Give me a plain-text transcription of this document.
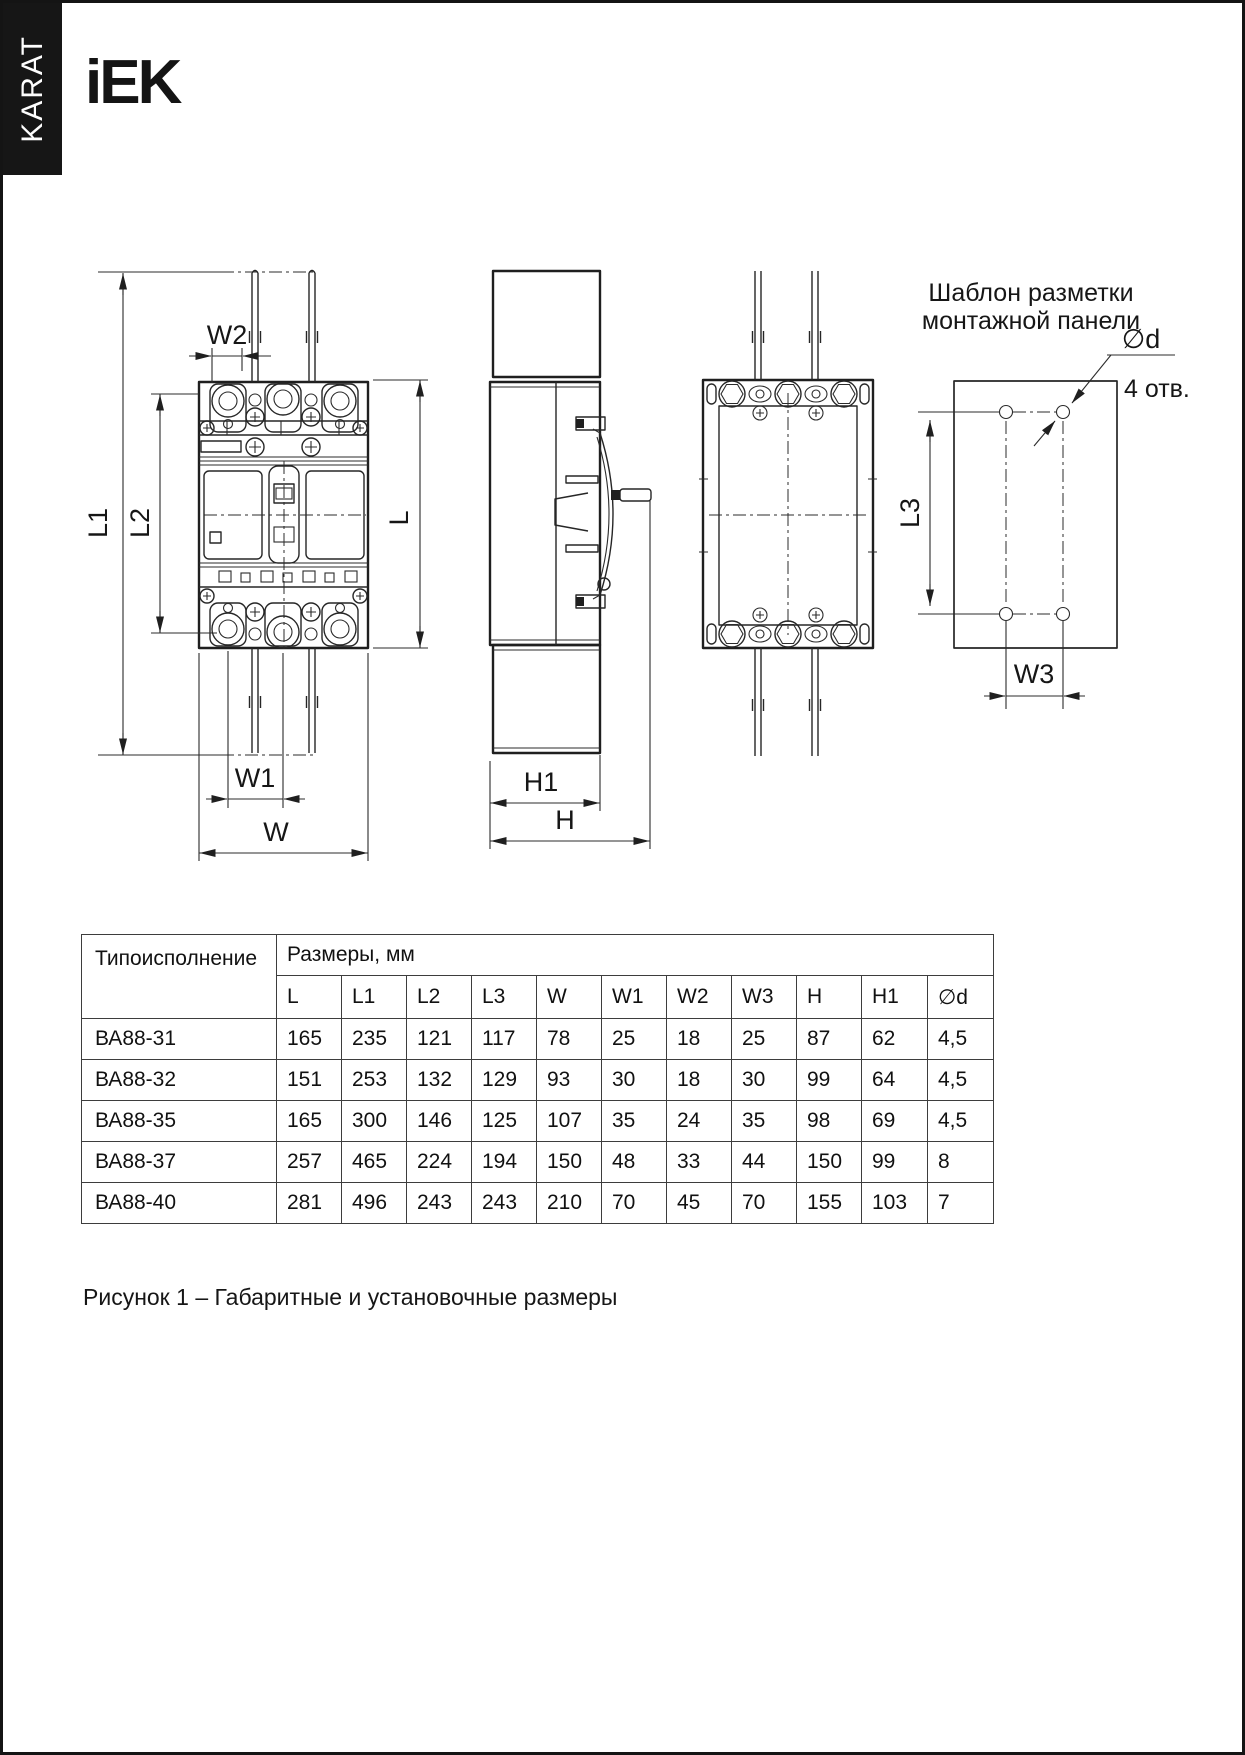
KARAT iEK
L1 L2
W2
L
W1
W
H1
H
Шаблон разметки
монтажной панели
L3
W3
∅d
4 отв.
Типоисполнение	Размеры, мм										
	L	L1	L2	L3	W	W1	W2	W3	H	H1	∅d
ВА88-31	165	235	121	117	78	25	18	25	87	62	4,5
ВА88-32	151	253	132	129	93	30	18	30	99	64	4,5
ВА88-35	165	300	146	125	107	35	24	35	98	69	4,5
ВА88-37	257	465	224	194	150	48	33	44	150	99	8
ВА88-40	281	496	243	243	210	70	45	70	155	103	7
Рисунок 1 – Габаритные и установочные размеры
